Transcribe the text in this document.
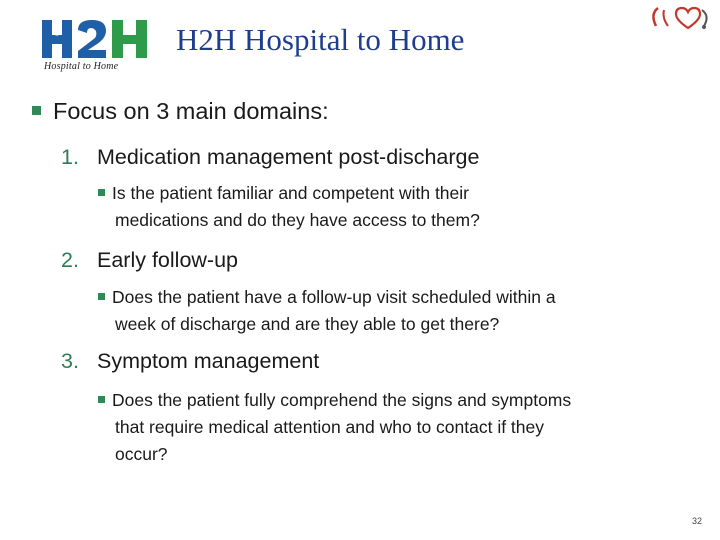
Hospital to Home
H2H Hospital to Home
Focus on 3 main domains:
1. Medication management post-discharge
Is the patient familiar and competent with their
medications and do they have access to them?
2. Early follow-up
Does the patient have a follow-up visit scheduled within a
week of discharge and are they able to get there?
3. Symptom management
Does the patient fully comprehend the signs and symptoms
that require medical attention and who to contact if they
occur?
32
